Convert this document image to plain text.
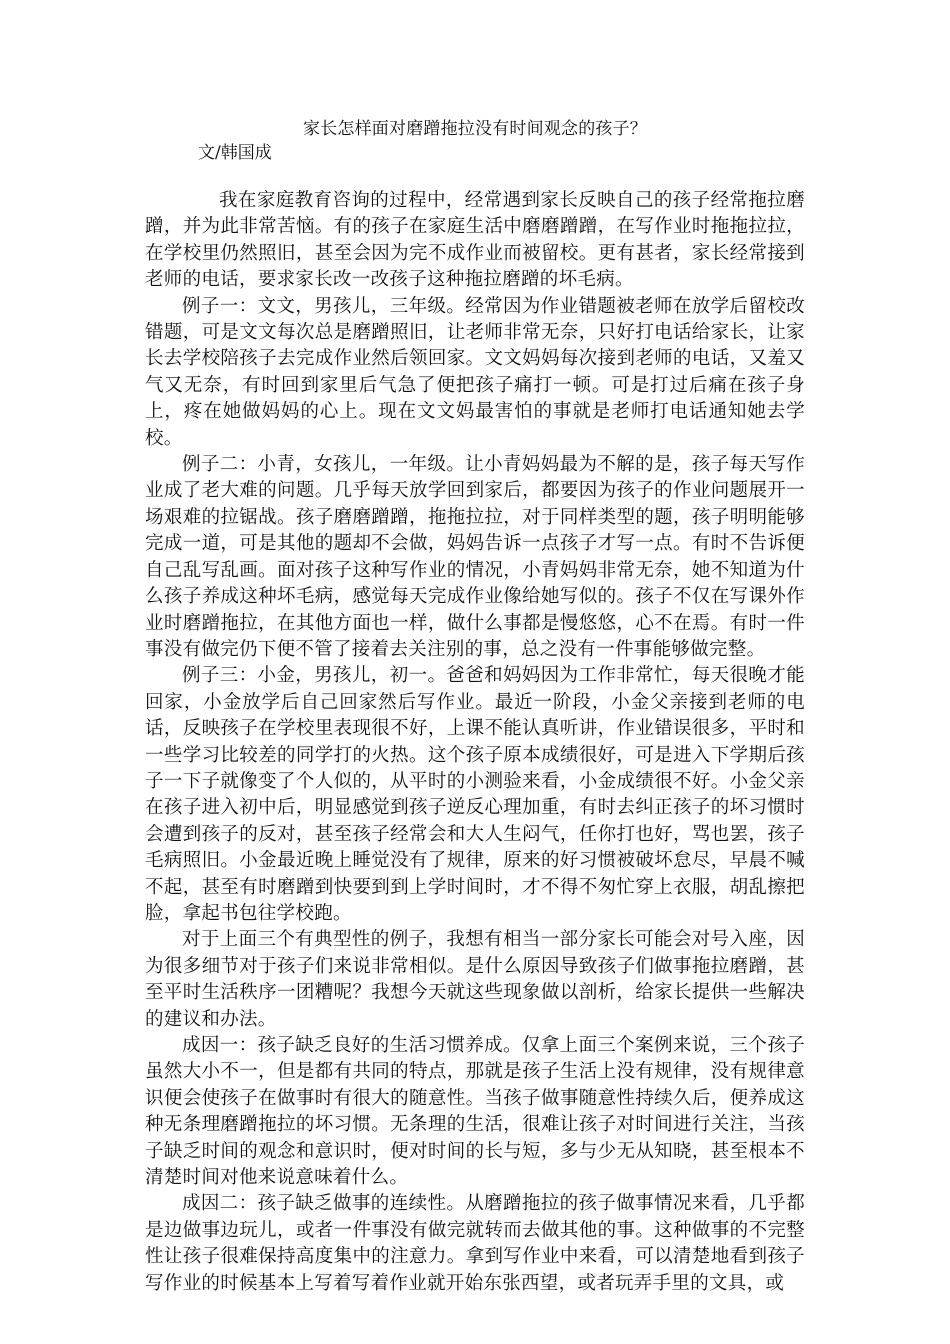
家长怎样面对磨蹭拖拉没有时间观念的孩子？
文/韩国成

我在家庭教育咨询的过程中，经常遇到家长反映自己的孩子经常拖拉磨蹭，并为此非常苦恼。有的孩子在家庭生活中磨磨蹭蹭，在写作业时拖拖拉拉，在学校里仍然照旧，甚至会因为完不成作业而被留校。更有甚者，家长经常接到老师的电话，要求家长改一改孩子这种拖拉磨蹭的坏毛病。

例子一：文文，男孩儿，三年级。经常因为作业错题被老师在放学后留校改错题，可是文文每次总是磨蹭照旧，让老师非常无奈，只好打电话给家长，让家长去学校陪孩子去完成作业然后领回家。文文妈妈每次接到老师的电话，又羞又气又无奈，有时回到家里后气急了便把孩子痛打一顿。可是打过后痛在孩子身上，疼在她做妈妈的心上。现在文文妈最害怕的事就是老师打电话通知她去学校。

例子二：小青，女孩儿，一年级。让小青妈妈最为不解的是，孩子每天写作业成了老大难的问题。几乎每天放学回到家后，都要因为孩子的作业问题展开一场艰难的拉锯战。孩子磨磨蹭蹭，拖拖拉拉，对于同样类型的题，孩子明明能够完成一道，可是其他的题却不会做，妈妈告诉一点孩子才写一点。有时不告诉便自己乱写乱画。面对孩子这种写作业的情况，小青妈妈非常无奈，她不知道为什么孩子养成这种坏毛病，感觉每天完成作业像给她写似的。孩子不仅在写课外作业时磨蹭拖拉，在其他方面也一样，做什么事都是慢悠悠，心不在焉。有时一件事没有做完仍下便不管了接着去关注别的事，总之没有一件事能够做完整。

例子三：小金，男孩儿，初一。爸爸和妈妈因为工作非常忙，每天很晚才能回家，小金放学后自己回家然后写作业。最近一阶段，小金父亲接到老师的电话，反映孩子在学校里表现很不好，上课不能认真听讲，作业错误很多，平时和一些学习比较差的同学打的火热。这个孩子原本成绩很好，可是进入下学期后孩子一下子就像变了个人似的，从平时的小测验来看，小金成绩很不好。小金父亲在孩子进入初中后，明显感觉到孩子逆反心理加重，有时去纠正孩子的坏习惯时会遭到孩子的反对，甚至孩子经常会和大人生闷气，任你打也好，骂也罢，孩子毛病照旧。小金最近晚上睡觉没有了规律，原来的好习惯被破坏怠尽，早晨不喊不起，甚至有时磨蹭到快要到到上学时间时，才不得不匆忙穿上衣服，胡乱擦把脸，拿起书包往学校跑。

对于上面三个有典型性的例子，我想有相当一部分家长可能会对号入座，因为很多细节对于孩子们来说非常相似。是什么原因导致孩子们做事拖拉磨蹭，甚至平时生活秩序一团糟呢？我想今天就这些现象做以剖析，给家长提供一些解决的建议和办法。

成因一：孩子缺乏良好的生活习惯养成。仅拿上面三个案例来说，三个孩子虽然大小不一，但是都有共同的特点，那就是孩子生活上没有规律，没有规律意识便会使孩子在做事时有很大的随意性。当孩子做事随意性持续久后，便养成这种无条理磨蹭拖拉的坏习惯。无条理的生活，很难让孩子对时间进行关注，当孩子缺乏时间的观念和意识时，便对时间的长与短，多与少无从知晓，甚至根本不清楚时间对他来说意味着什么。

成因二：孩子缺乏做事的连续性。从磨蹭拖拉的孩子做事情况来看，几乎都是边做事边玩儿，或者一件事没有做完就转而去做其他的事。这种做事的不完整性让孩子很难保持高度集中的注意力。拿到写作业中来看，可以清楚地看到孩子写作业的时候基本上写着写着作业就开始东张西望，或者玩弄手里的文具，或
